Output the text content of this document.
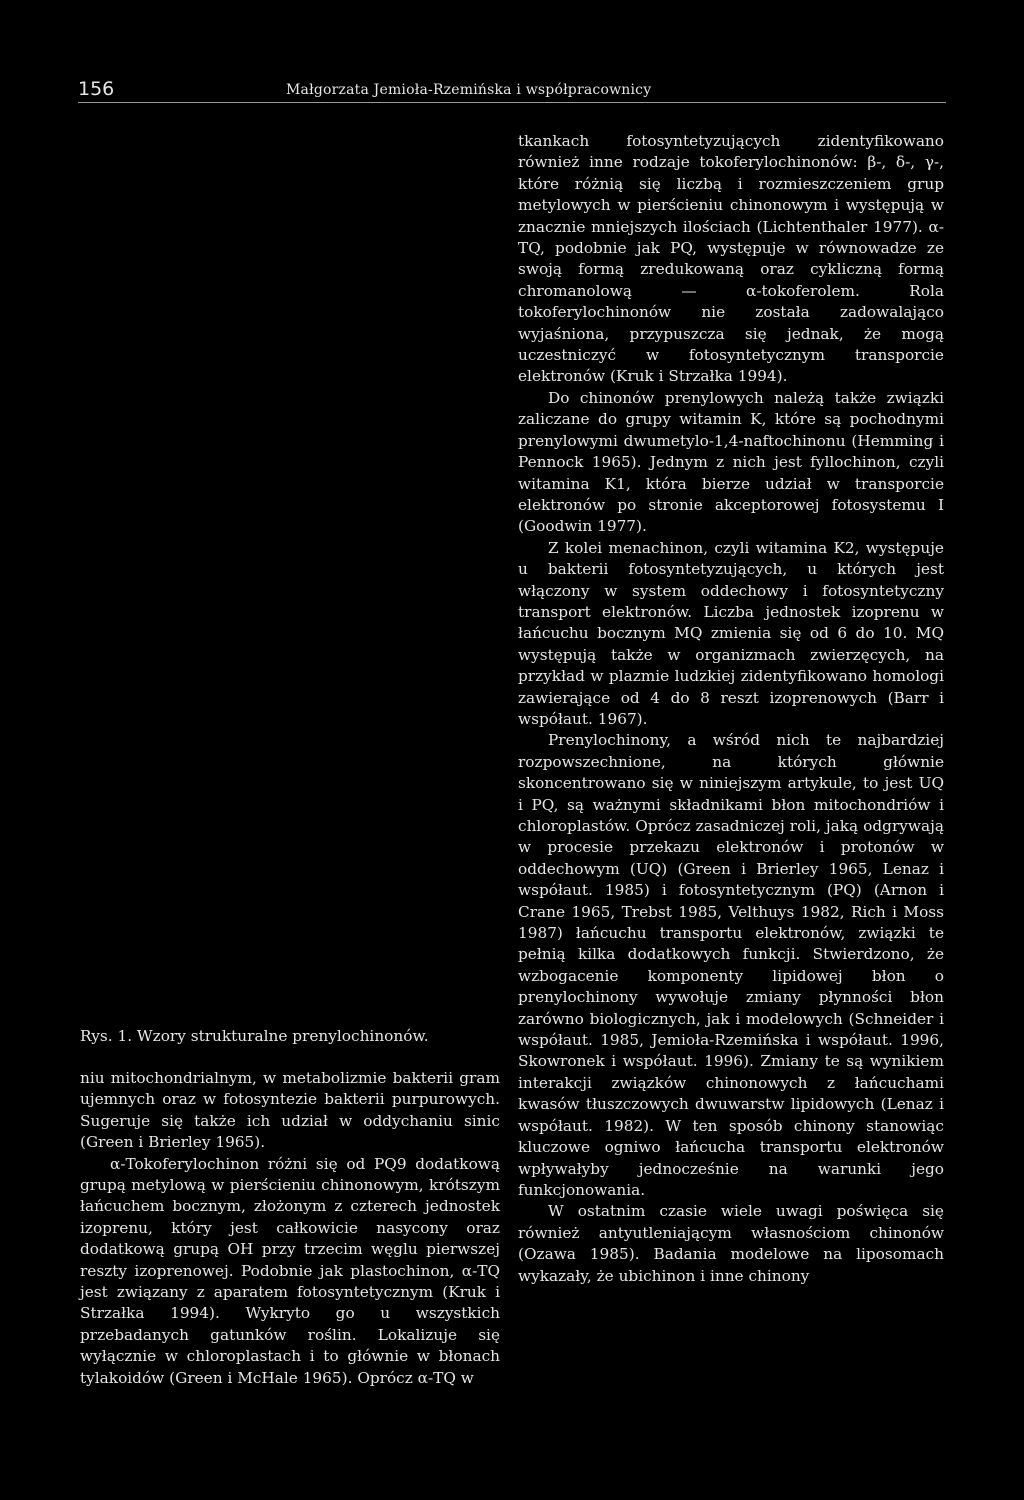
156	Małgorzata Jemioła-Rzemińska i współpracownicy
Rys. 1. Wzory strukturalne prenylochinonów.

niu mitochondrialnym, w metabolizmie bakterii gram ujemnych oraz w fotosyntezie bakterii purpurowych. Sugeruje się także ich udział w oddychaniu sinic (Green i Brierley 1965).

α-Tokoferylochinon różni się od PQ9 dodatkową grupą metylową w pierścieniu chinonowym, krótszym łańcuchem bocznym, złożonym z czterech jednostek izoprenu, który jest całkowicie nasycony oraz dodatkową grupą OH przy trzecim węglu pierwszej reszty izoprenowej. Podobnie jak plastochinon, α-TQ jest związany z aparatem fotosyntetycznym (Kruk i Strzałka 1994). Wykryto go u wszystkich przebadanych gatunków roślin. Lokalizuje się wyłącznie w chloroplastach i to głównie w błonach tylakoidów (Green i McHale 1965). Oprócz α-TQ w

tkankach fotosyntetyzujących zidentyfikowano również inne rodzaje tokoferylochinonów: β-, δ-, γ-, które różnią się liczbą i rozmieszczeniem grup metylowych w pierścieniu chinonowym i występują w znacznie mniejszych ilościach (Lichtenthaler 1977). α-TQ, podobnie jak PQ, występuje w równowadze ze swoją formą zredukowaną oraz cykliczną formą chromanolową — α-tokoferolem. Rola tokoferylochinonów nie została zadowalająco wyjaśniona, przypuszcza się jednak, że mogą uczestniczyć w fotosyntetycznym transporcie elektronów (Kruk i Strzałka 1994).

Do chinonów prenylowych należą także związki zaliczane do grupy witamin K, które są pochodnymi prenylowymi dwumetylo-1,4-naftochinonu (Hemming i Pennock 1965). Jednym z nich jest fyllochinon, czyli witamina K1, która bierze udział w transporcie elektronów po stronie akceptorowej fotosystemu I (Goodwin 1977).

Z kolei menachinon, czyli witamina K2, występuje u bakterii fotosyntetyzujących, u których jest włączony w system oddechowy i fotosyntetyczny transport elektronów. Liczba jednostek izoprenu w łańcuchu bocznym MQ zmienia się od 6 do 10. MQ występują także w organizmach zwierzęcych, na przykład w plazmie ludzkiej zidentyfikowano homologi zawierające od 4 do 8 reszt izoprenowych (Barr i współaut. 1967).

Prenylochinony, a wśród nich te najbardziej rozpowszechnione, na których głównie skoncentrowano się w niniejszym artykule, to jest UQ i PQ, są ważnymi składnikami błon mitochondriów i chloroplastów. Oprócz zasadniczej roli, jaką odgrywają w procesie przekazu elektronów i protonów w oddechowym (UQ) (Green i Brierley 1965, Lenaz i współaut. 1985) i fotosyntetycznym (PQ) (Arnon i Crane 1965, Trebst 1985, Velthuys 1982, Rich i Moss 1987) łańcuchu transportu elektronów, związki te pełnią kilka dodatkowych funkcji. Stwierdzono, że wzbogacenie komponenty lipidowej błon o prenylochinony wywołuje zmiany płynności błon zarówno biologicznych, jak i modelowych (Schneider i współaut. 1985, Jemioła-Rzemińska i współaut. 1996, Skowronek i współaut. 1996). Zmiany te są wynikiem interakcji związków chinonowych z łańcuchami kwasów tłuszczowych dwuwarstw lipidowych (Lenaz i współaut. 1982). W ten sposób chinony stanowiąc kluczowe ogniwo łańcucha transportu elektronów wpływałyby jednocześnie na warunki jego funkcjonowania.

W ostatnim czasie wiele uwagi poświęca się również antyutleniającym własnościom chinonów (Ozawa 1985). Badania modelowe na liposomach wykazały, że ubichinon i inne chinony
